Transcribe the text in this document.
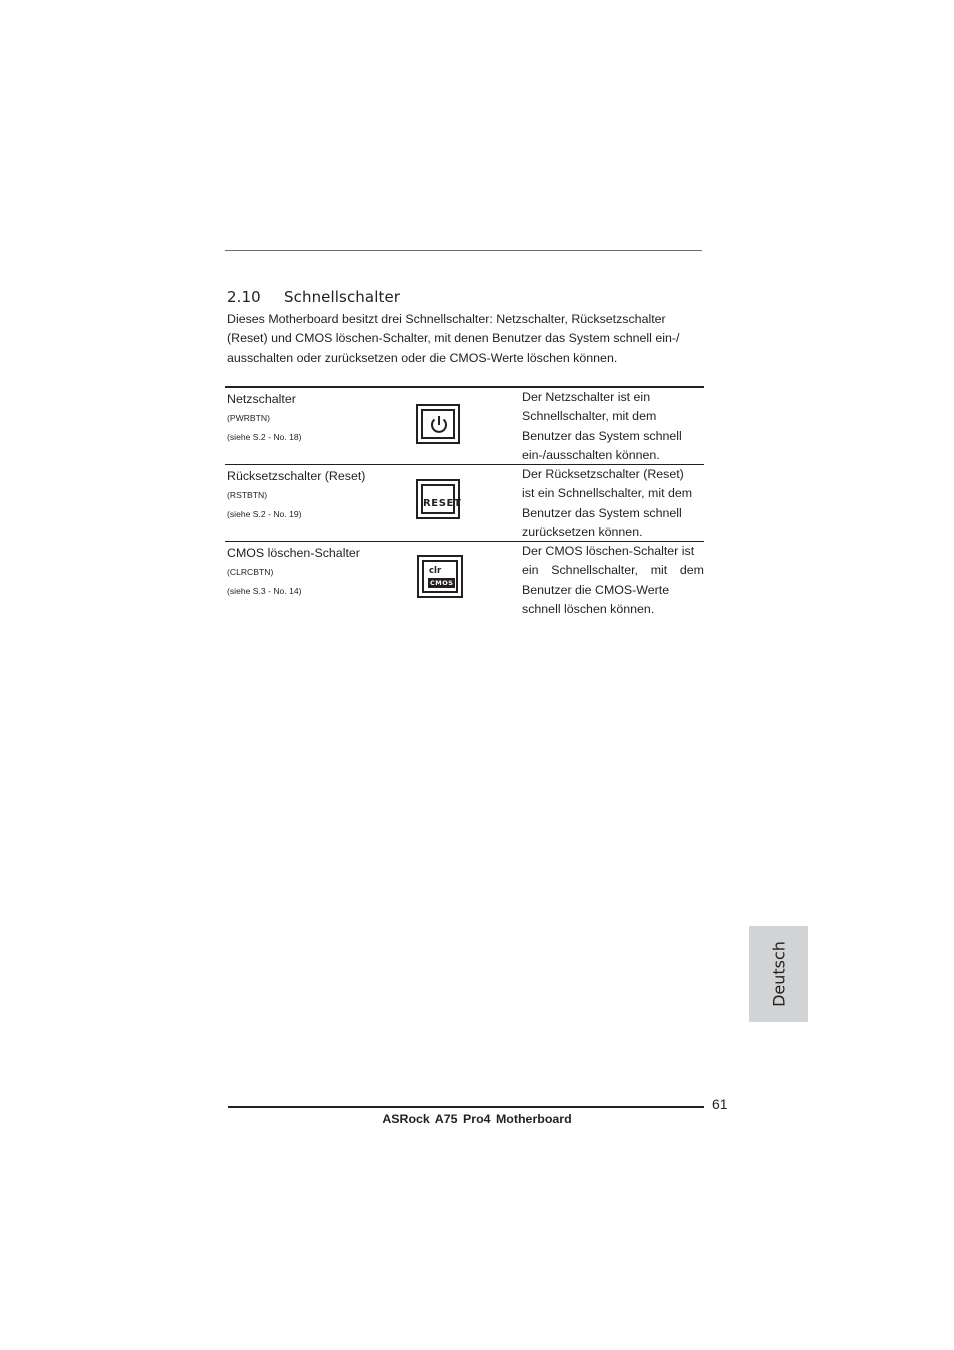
2.10 Schnellschalter

Dieses Motherboard besitzt drei Schnellschalter: Netzschalter, Rücksetzschalter

(Reset) und CMOS löschen-Schalter, mit denen Benutzer das System schnell ein-/

ausschalten oder zurücksetzen oder die CMOS-Werte löschen können.

Netzschalter
(PWRBTN)
(siehe S.2 - No. 18)
Der Netzschalter ist ein
Schnellschalter, mit dem
Benutzer das System schnell
ein-/ausschalten können.
Rücksetzschalter (Reset)
(RSTBTN)
(siehe S.2 - No. 19)
RESET
Der Rücksetzschalter (Reset)
ist ein Schnellschalter, mit dem
Benutzer das System schnell
zurücksetzen können.
CMOS löschen-Schalter
(CLRCBTN)
(siehe S.3 - No. 14)
clr
CMOS
Der CMOS löschen-Schalter ist
ein Schnellschalter, mit dem
Benutzer die CMOS-Werte
schnell löschen können.
Deutsch
61
ASRock A75 Pro4 Motherboard
